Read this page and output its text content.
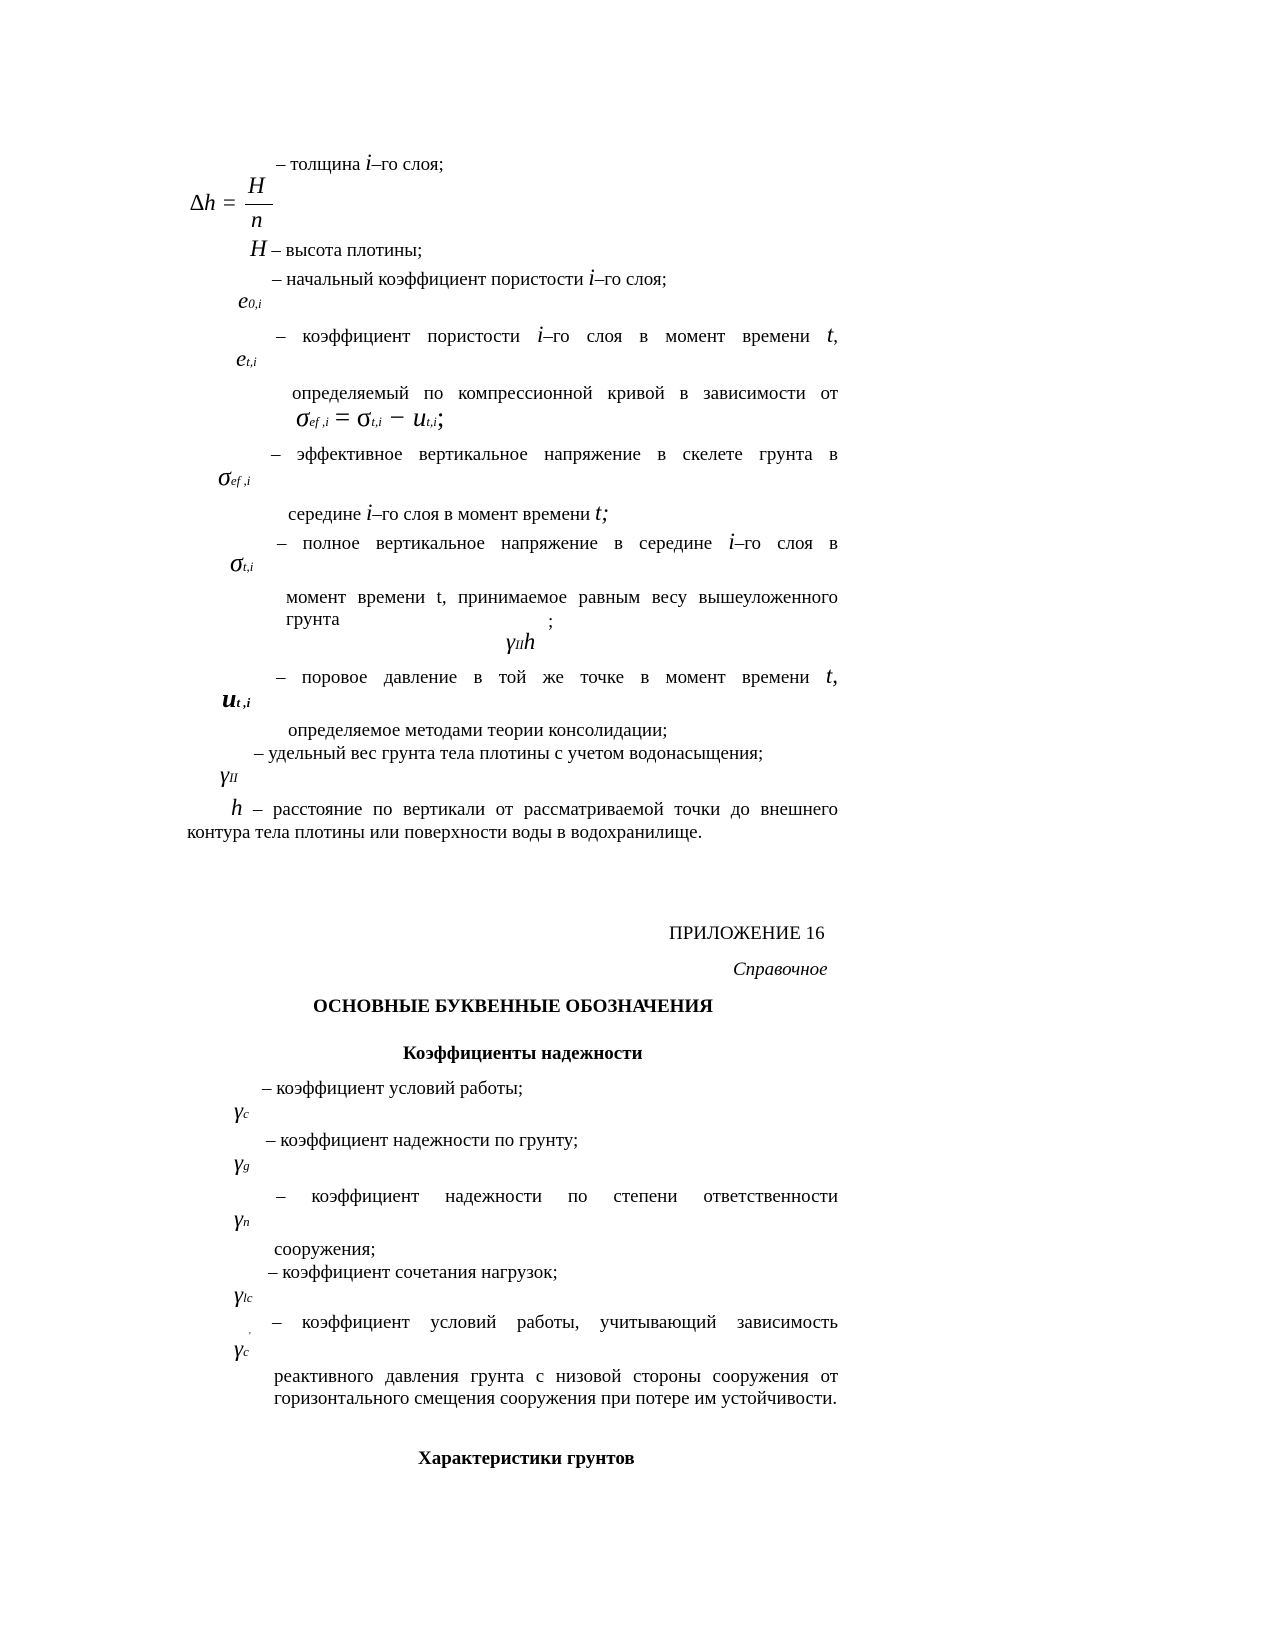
– толщина i–го слоя;
∆h =
H
n
H – высота плотины;
– начальный коэффициент пористости i–го слоя;
e0,i
– коэффициент пористости i–го слоя в момент времени t,
et,i
определяемый по компрессионной кривой в зависимости от
σef ,i = σt,i − ut,i;
– эффективное вертикальное напряжение в скелете грунта в
σef ,i
середине i–го слоя в момент времени t;
– полное вертикальное напряжение в середине i–го слоя в
σt,i
момент времени t, принимаемое равным весу вышеуложенного грунта	;
γIIh
– поровое давление в той же точке в момент времени t,
ut ,i
определяемое методами теории консолидации;
– удельный вес грунта тела плотины с учетом водонасыщения;
γII
h – расстояние по вертикали от рассматриваемой точки до внешнего
контура тела плотины или поверхности воды в водохранилище.
ПРИЛОЖЕНИЕ 16
Справочное
ОСНОВНЫЕ БУКВЕННЫЕ ОБОЗНАЧЕНИЯ
Коэффициенты надежности
– коэффициент условий работы;
γc
– коэффициент надежности по грунту;
γg
– коэффициент надежности по степени ответственности
γn
сооружения;
– коэффициент сочетания нагрузок;
γlc
– коэффициент условий работы, учитывающий зависимость
γc
'
реактивного давления грунта с низовой стороны сооружения от горизонтального смещения сооружения при потере им устойчивости.
Характеристики грунтов
